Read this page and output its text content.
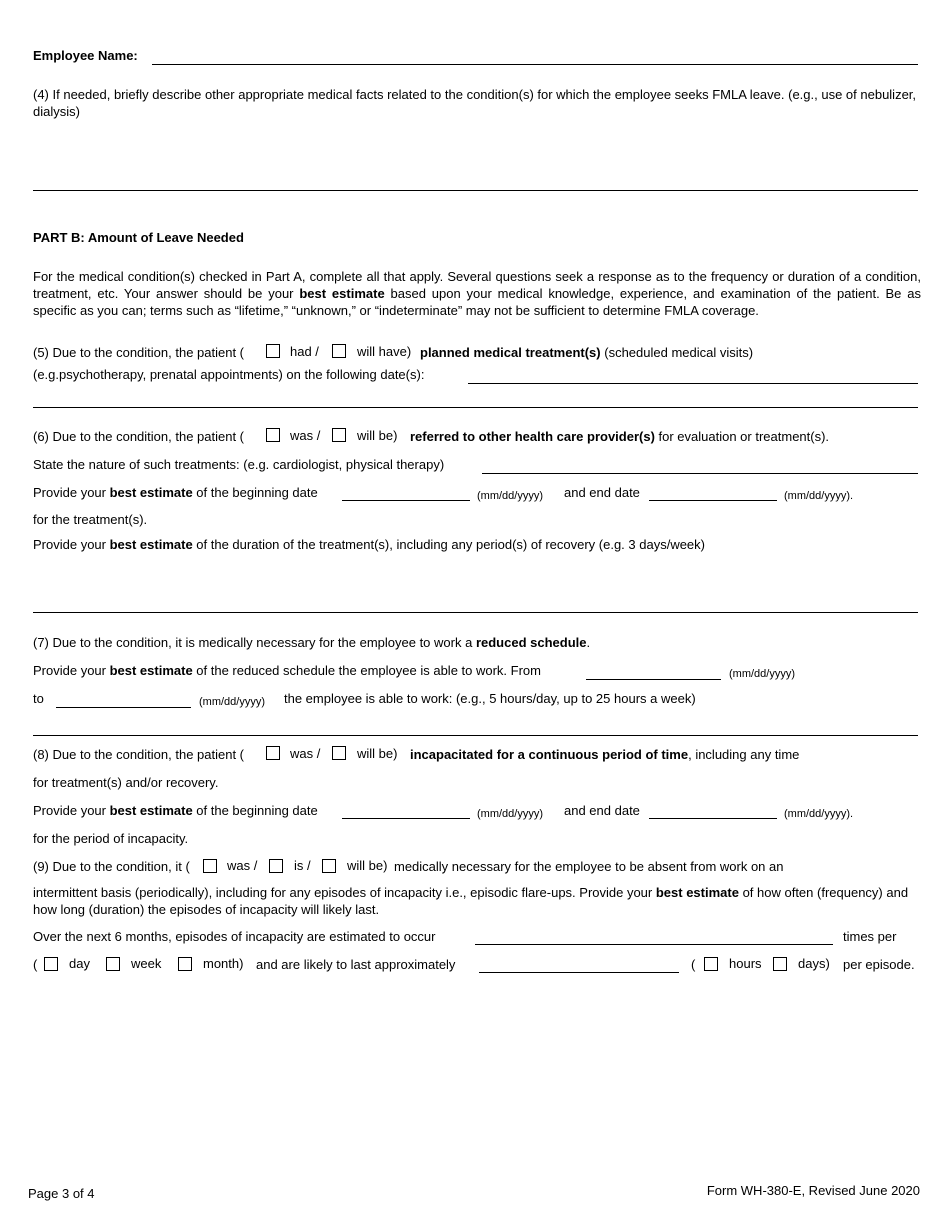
Employee Name:
(4) If needed, briefly describe other appropriate medical facts related to the condition(s) for which the employee seeks FMLA leave. (e.g., use of nebulizer, dialysis)
PART B: Amount of Leave Needed
For the medical condition(s) checked in Part A, complete all that apply. Several questions seek a response as to the frequency or duration of a condition, treatment, etc. Your answer should be your best estimate based upon your medical knowledge, experience, and examination of the patient. Be as specific as you can; terms such as “lifetime,” “unknown,” or “indeterminate” may not be sufficient to determine FMLA coverage.
(5) Due to the condition, the patient (	had /	will have) planned medical treatment(s) (scheduled medical visits)
(e.g.psychotherapy, prenatal appointments) on the following date(s):
(6) Due to the condition, the patient (	was /	will be) referred to other health care provider(s) for evaluation or treatment(s).
State the nature of such treatments: (e.g. cardiologist, physical therapy)
Provide your best estimate of the beginning date	(mm/dd/yyyy) and end date	(mm/dd/yyyy).
for the treatment(s).
Provide your best estimate of the duration of the treatment(s), including any period(s) of recovery (e.g. 3 days/week)
(7) Due to the condition, it is medically necessary for the employee to work a reduced schedule.
Provide your best estimate of the reduced schedule the employee is able to work. From	(mm/dd/yyyy)
to	(mm/dd/yyyy) the employee is able to work: (e.g., 5 hours/day, up to 25 hours a week)
(8) Due to the condition, the patient (	was /	will be) incapacitated for a continuous period of time, including any time
for treatment(s) and/or recovery.
Provide your best estimate of the beginning date	(mm/dd/yyyy) and end date	(mm/dd/yyyy).
for the period of incapacity.
(9) Due to the condition, it (	was /	is /	will be) medically necessary for the employee to be absent from work on an
intermittent basis (periodically), including for any episodes of incapacity i.e., episodic flare-ups. Provide your best estimate of how often (frequency) and how long (duration) the episodes of incapacity will likely last.
Over the next 6 months, episodes of incapacity are estimated to occur	times per
( day	week	month) and are likely to last approximately	(	hours	days) per episode.
Page 3 of 4	Form WH-380-E, Revised June 2020
